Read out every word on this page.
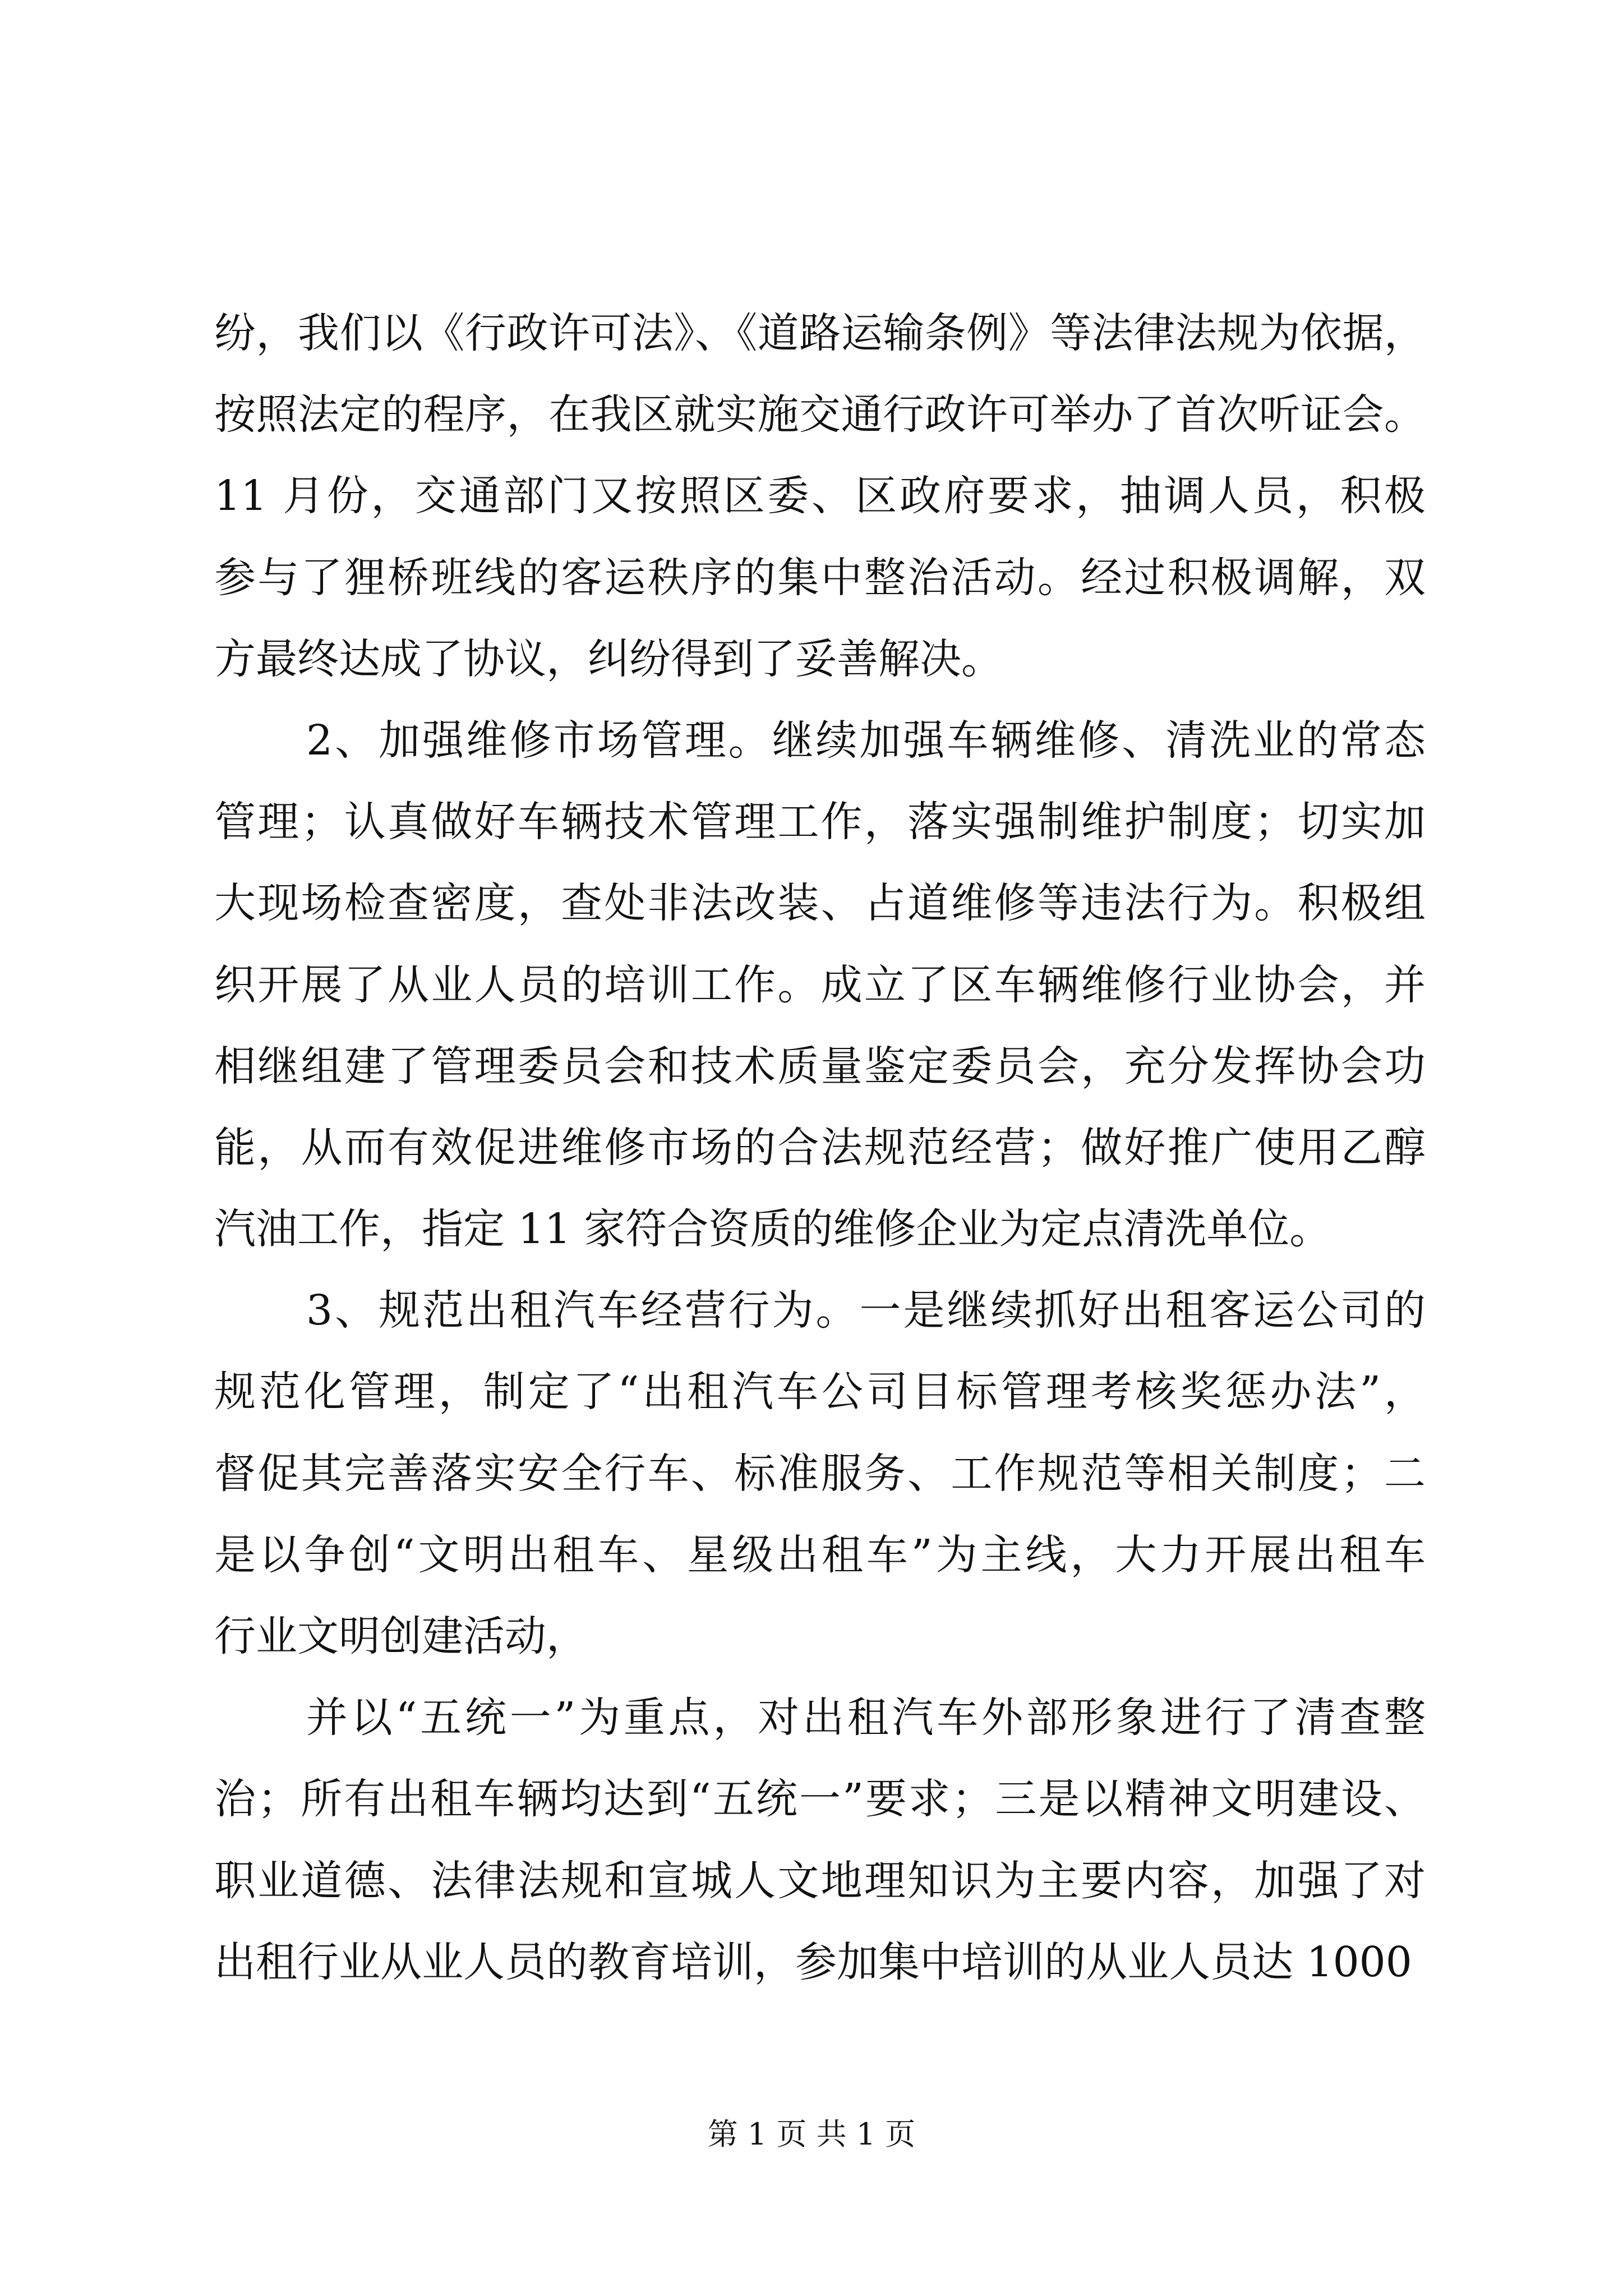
纷，我们以《行政许可法》、《道路运输条例》等法律法规为依据，
按照法定的程序，在我区就实施交通行政许可举办了首次听证会。
11 月份，交通部门又按照区委、区政府要求，抽调人员，积极
参与了狸桥班线的客运秩序的集中整治活动。经过积极调解，双
方最终达成了协议，纠纷得到了妥善解决。
2、加强维修市场管理。继续加强车辆维修、清洗业的常态
管理；认真做好车辆技术管理工作，落实强制维护制度；切实加
大现场检查密度，查处非法改装、占道维修等违法行为。积极组
织开展了从业人员的培训工作。成立了区车辆维修行业协会，并
相继组建了管理委员会和技术质量鉴定委员会，充分发挥协会功
能，从而有效促进维修市场的合法规范经营；做好推广使用乙醇
汽油工作，指定 11 家符合资质的维修企业为定点清洗单位。
3、规范出租汽车经营行为。一是继续抓好出租客运公司的
规范化管理，制定了“出租汽车公司目标管理考核奖惩办法”，
督促其完善落实安全行车、标准服务、工作规范等相关制度；二
是以争创“文明出租车、星级出租车”为主线，大力开展出租车
行业文明创建活动，
并以“五统一”为重点，对出租汽车外部形象进行了清查整
治；所有出租车辆均达到“五统一”要求；三是以精神文明建设、
职业道德、法律法规和宣城人文地理知识为主要内容，加强了对
出租行业从业人员的教育培训，参加集中培训的从业人员达 1000
第 1 页 共 1 页
